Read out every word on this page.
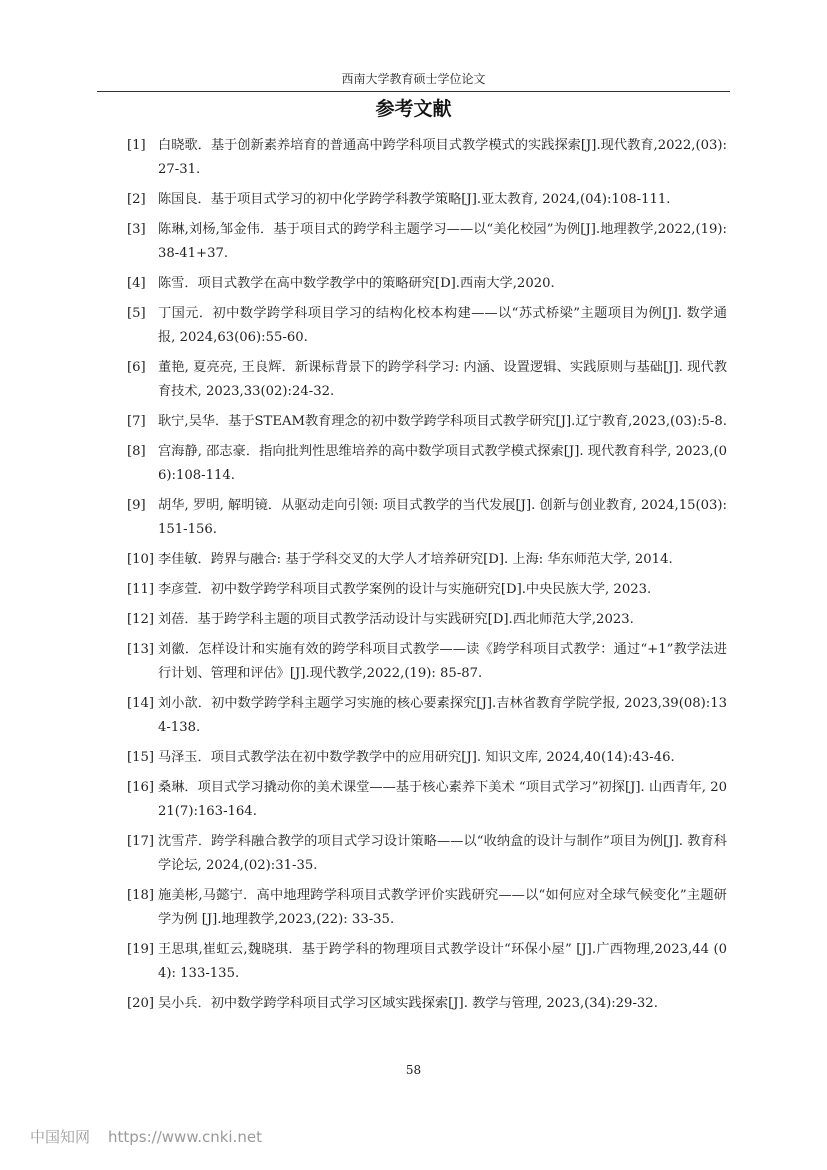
西南大学教育硕士学位论文
参考文献
[1] 白晓歌．基于创新素养培育的普通高中跨学科项目式教学模式的实践探索[J].现代教育,2022,(03):27-31.
[2] 陈国良．基于项目式学习的初中化学跨学科教学策略[J].亚太教育, 2024,(04):108-111.
[3] 陈琳,刘杨,邹金伟．基于项目式的跨学科主题学习——以“美化校园”为例[J].地理教学,2022,(19):38-41+37.
[4] 陈雪．项目式教学在高中数学教学中的策略研究[D].西南大学,2020.
[5] 丁国元．初中数学跨学科项目学习的结构化校本构建——以“苏式桥梁”主题项目为例[J]. 数学通报, 2024,63(06):55-60.
[6] 董艳, 夏亮亮, 王良辉．新课标背景下的跨学科学习: 内涵、设置逻辑、实践原则与基础[J]. 现代教育技术, 2023,33(02):24-32.
[7] 耿宁,吴华．基于STEAM教育理念的初中数学跨学科项目式教学研究[J].辽宁教育,2023,(03):5-8.
[8] 宫海静, 邵志豪．指向批判性思维培养的高中数学项目式教学模式探索[J]. 现代教育科学, 2023,(06):108-114.
[9] 胡华, 罗明, 解明镜．从驱动走向引领: 项目式教学的当代发展[J]. 创新与创业教育, 2024,15(03):151-156.
[10] 李佳敏．跨界与融合: 基于学科交叉的大学人才培养研究[D]. 上海: 华东师范大学, 2014.
[11] 李彦萱．初中数学跨学科项目式教学案例的设计与实施研究[D].中央民族大学, 2023.
[12] 刘蓓．基于跨学科主题的项目式教学活动设计与实践研究[D].西北师范大学,2023.
[13] 刘徽．怎样设计和实施有效的跨学科项目式教学——读《跨学科项目式教学：通过“+1”教学法进行计划、管理和评估》[J].现代教学,2022,(19): 85-87.
[14] 刘小歆．初中数学跨学科主题学习实施的核心要素探究[J].吉林省教育学院学报, 2023,39(08):134-138.
[15] 马泽玉．项目式教学法在初中数学教学中的应用研究[J]. 知识文库, 2024,40(14):43-46.
[16] 桑琳．项目式学习撬动你的美术课堂——基于核心素养下美术 “项目式学习”初探[J]. 山西青年, 2021(7):163-164.
[17] 沈雪芹．跨学科融合教学的项目式学习设计策略——以“收纳盒的设计与制作”项目为例[J]. 教育科学论坛, 2024,(02):31-35.
[18] 施美彬,马懿宁．高中地理跨学科项目式教学评价实践研究——以“如何应对全球气候变化”主题研学为例 [J].地理教学,2023,(22): 33-35.
[19] 王思琪,崔虹云,魏晓琪．基于跨学科的物理项目式教学设计“环保小屋” [J].广西物理,2023,44 (04): 133-135.
[20] 吴小兵．初中数学跨学科项目式学习区域实践探索[J]. 教学与管理, 2023,(34):29-32.
58
中国知网 https://www.cnki.net
